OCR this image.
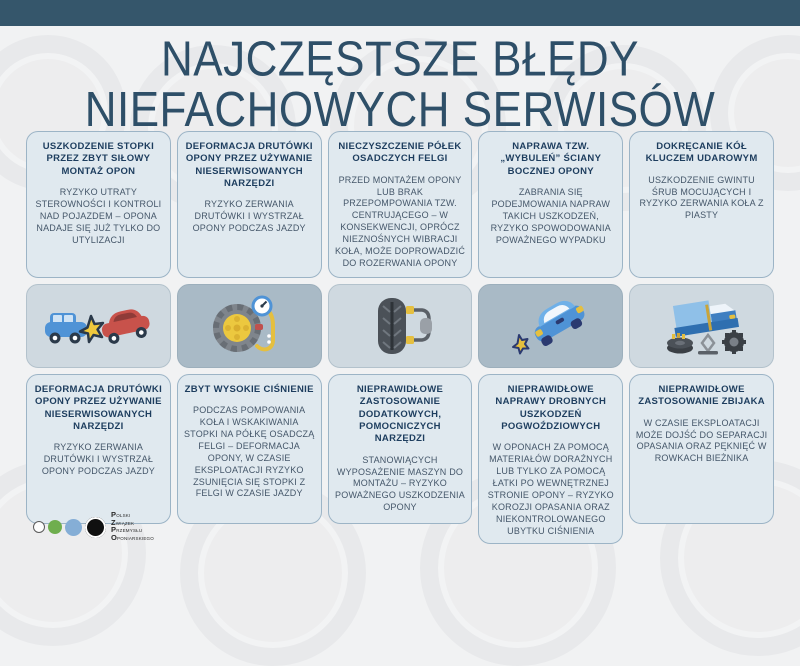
NAJCZĘSTSZE BŁĘDY
NIEFACHOWYCH SERWISÓW
USZKODZENIE STOPKI PRZEZ ZBYT SIŁOWY MONTAŻ OPON

RYZYKO UTRATY STEROWNOŚCI I KONTROLI NAD POJAZDEM – OPONA NADAJE SIĘ JUŻ TYLKO DO UTYLIZACJI

DEFORMACJA DRUTÓWKI OPONY PRZEZ UŻYWANIE NIESERWISOWANYCH NARZĘDZI

RYZYKO ZERWANIA DRUTÓWKI I WYSTRZAŁ OPONY PODCZAS JAZDY

DEFORMACJA DRUTÓWKI OPONY PRZEZ UŻYWANIE NIESERWISOWANYCH NARZĘDZI

RYZYKO ZERWANIA DRUTÓWKI I WYSTRZAŁ OPONY PODCZAS JAZDY

ZBYT WYSOKIE CIŚNIENIE

PODCZAS POMPOWANIA KOŁA I WSKAKIWANIA STOPKI NA PÓŁKĘ OSADCZĄ FELGI – DEFORMACJA OPONY, W CZASIE EKSPLOATACJI RYZYKO ZSUNIĘCIA SIĘ STOPKI Z FELGI W CZASIE JAZDY

NIECZYSZCZENIE PÓŁEK OSADCZYCH FELGI

PRZED MONTAŻEM OPONY LUB BRAK PRZEPOMPOWANIA TZW. CENTRUJĄCEGO – W KONSEKWENCJI, OPRÓCZ NIEZNOŚNYCH WIBRACJI KOŁA, MOŻE DOPROWADZIĆ DO ROZERWANIA OPONY

NIEPRAWIDŁOWE ZASTOSOWANIE DODATKOWYCH, POMOCNICZYCH NARZĘDZI

STANOWIĄCYCH WYPOSAŻENIE MASZYN DO MONTAŻU – RYZYKO POWAŻNEGO USZKODZENIA OPONY

NAPRAWA TZW. „WYBULEŃ” ŚCIANY BOCZNEJ OPONY

ZABRANIA SIĘ PODEJMOWANIA NAPRAW TAKICH USZKODZEŃ, RYZYKO SPOWODOWANIA POWAŻNEGO WYPADKU

NIEPRAWIDŁOWE NAPRAWY DROBNYCH USZKODZEŃ POGWOŹDZIOWYCH

W OPONACH ZA POMOCĄ MATERIAŁÓW DORAŹNYCH LUB TYLKO ZA POMOCĄ ŁATKI PO WEWNĘTRZNEJ STRONIE OPONY – RYZYKO KOROZJI OPASANIA ORAZ NIEKONTROLOWANEGO UBYTKU CIŚNIENIA

DOKRĘCANIE KÓŁ KLUCZEM UDAROWYM

USZKODZENIE GWINTU ŚRUB MOCUJĄCYCH I RYZYKO ZERWANIA KOŁA Z PIASTY

NIEPRAWIDŁOWE ZASTOSOWANIE ZBIJAKA

W CZASIE EKSPLOATACJI MOŻE DOJŚĆ DO SEPARACJI OPASANIA ORAZ PĘKNIĘĆ W ROWKACH BIEŻNIKA

POLSKI
ZWIĄZEK
PRZEMYSŁU
OPONIARSKIEGO
